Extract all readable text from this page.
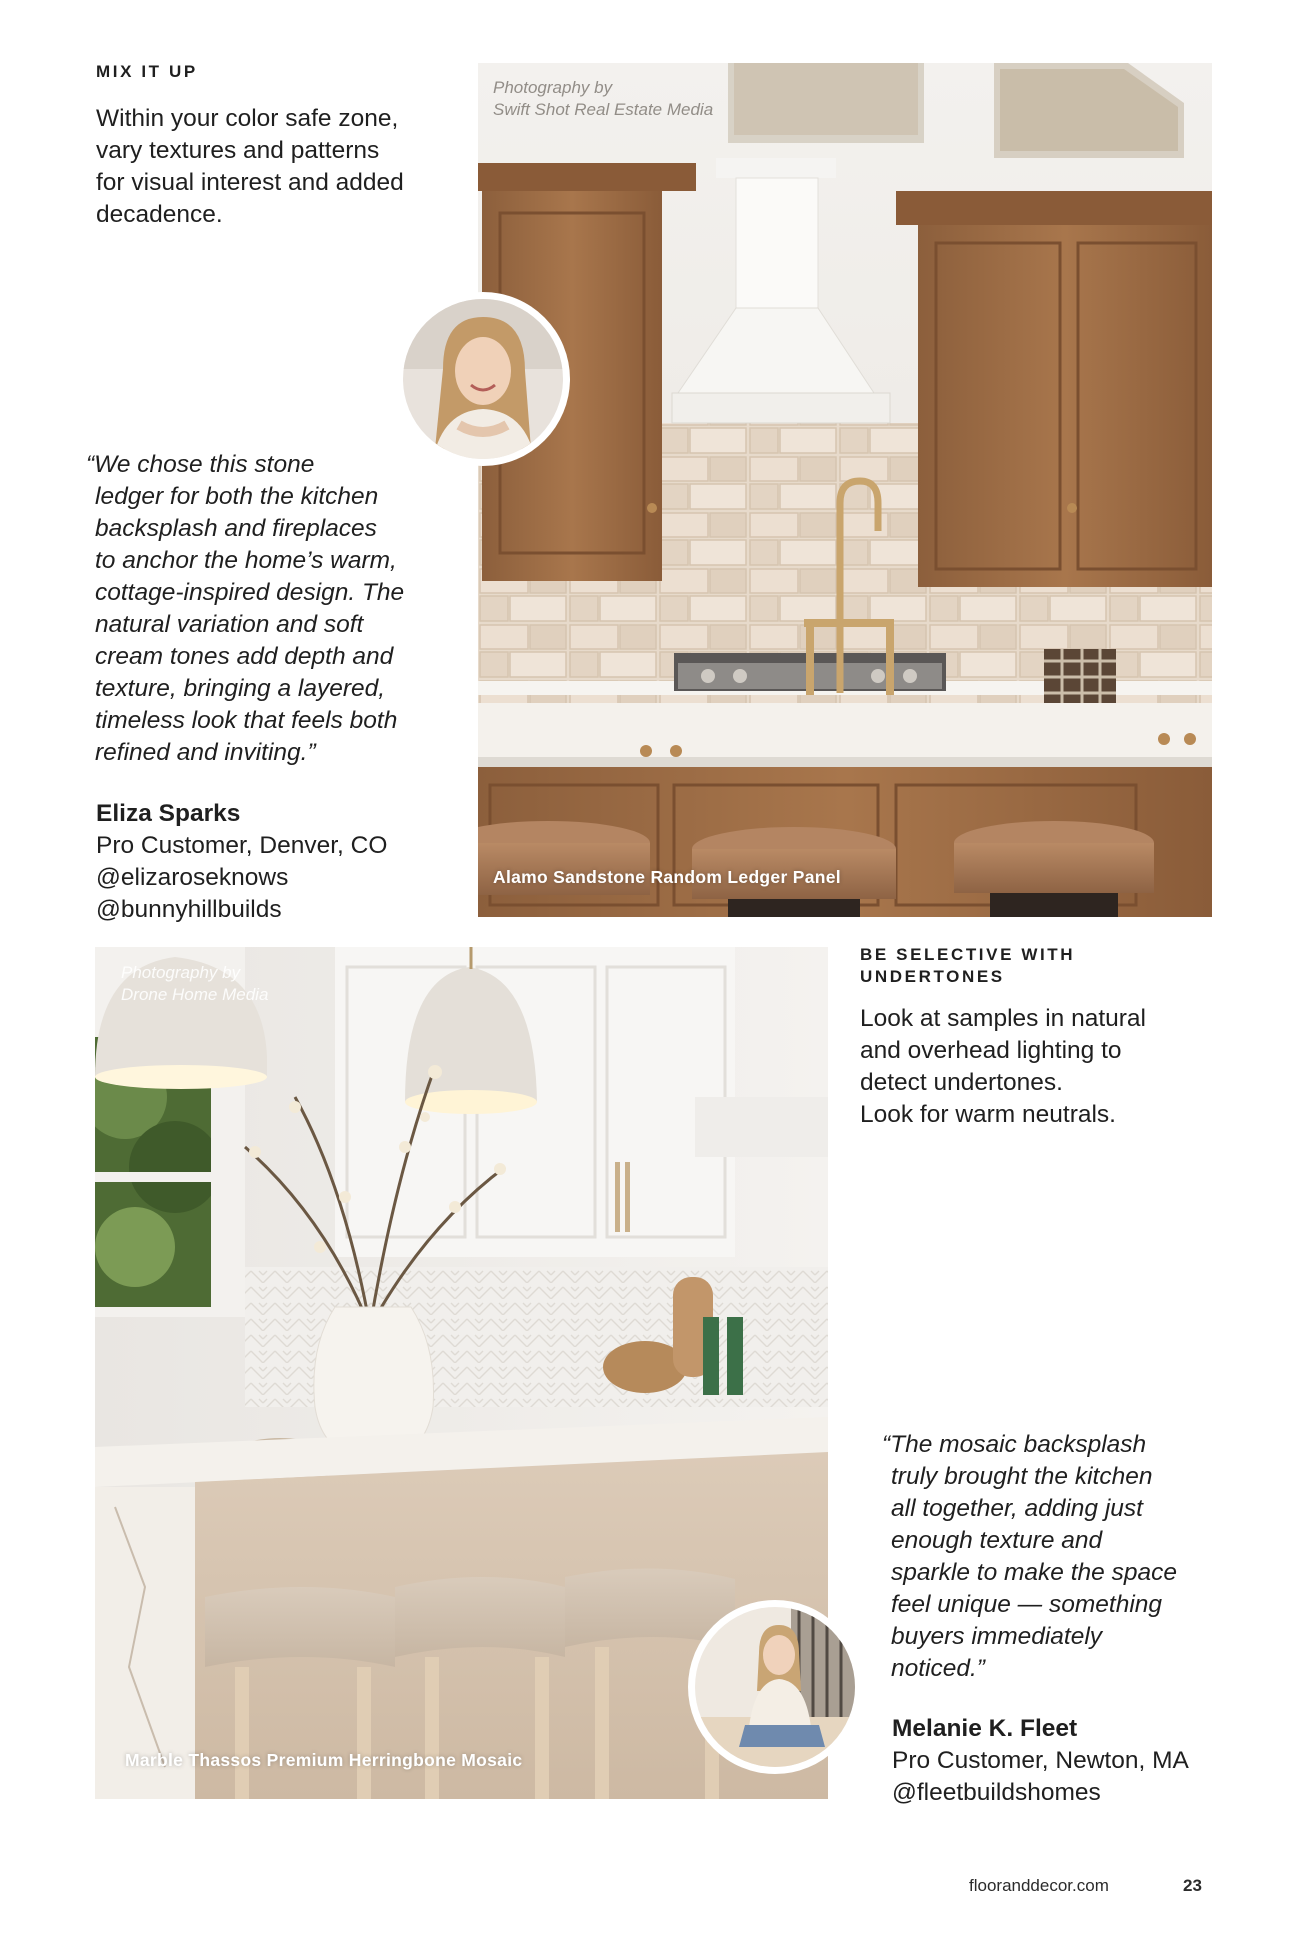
MIX IT UP
Within your color safe zone,
vary textures and patterns
for visual interest and added
decadence.
“We chose this stone
ledger for both the kitchen
backsplash and fireplaces
to anchor the home’s warm,
cottage-inspired design. The
natural variation and soft
cream tones add depth and
texture, bringing a layered,
timeless look that feels both
refined and inviting.”
Eliza Sparks
Pro Customer, Denver, CO
@elizaroseknows
@bunnyhillbuilds
Photography by
Swift Shot Real Estate Media
Alamo Sandstone Random Ledger Panel
Photography by
Drone Home Media
Marble Thassos Premium Herringbone Mosaic
BE SELECTIVE WITH
UNDERTONES
Look at samples in natural
and overhead lighting to
detect undertones.
Look for warm neutrals.
“The mosaic backsplash
truly brought the kitchen
all together, adding just
enough texture and
sparkle to make the space
feel unique — something
buyers immediately
noticed.”
Melanie K. Fleet
Pro Customer, Newton, MA
@fleetbuildshomes
flooranddecor.com	23
